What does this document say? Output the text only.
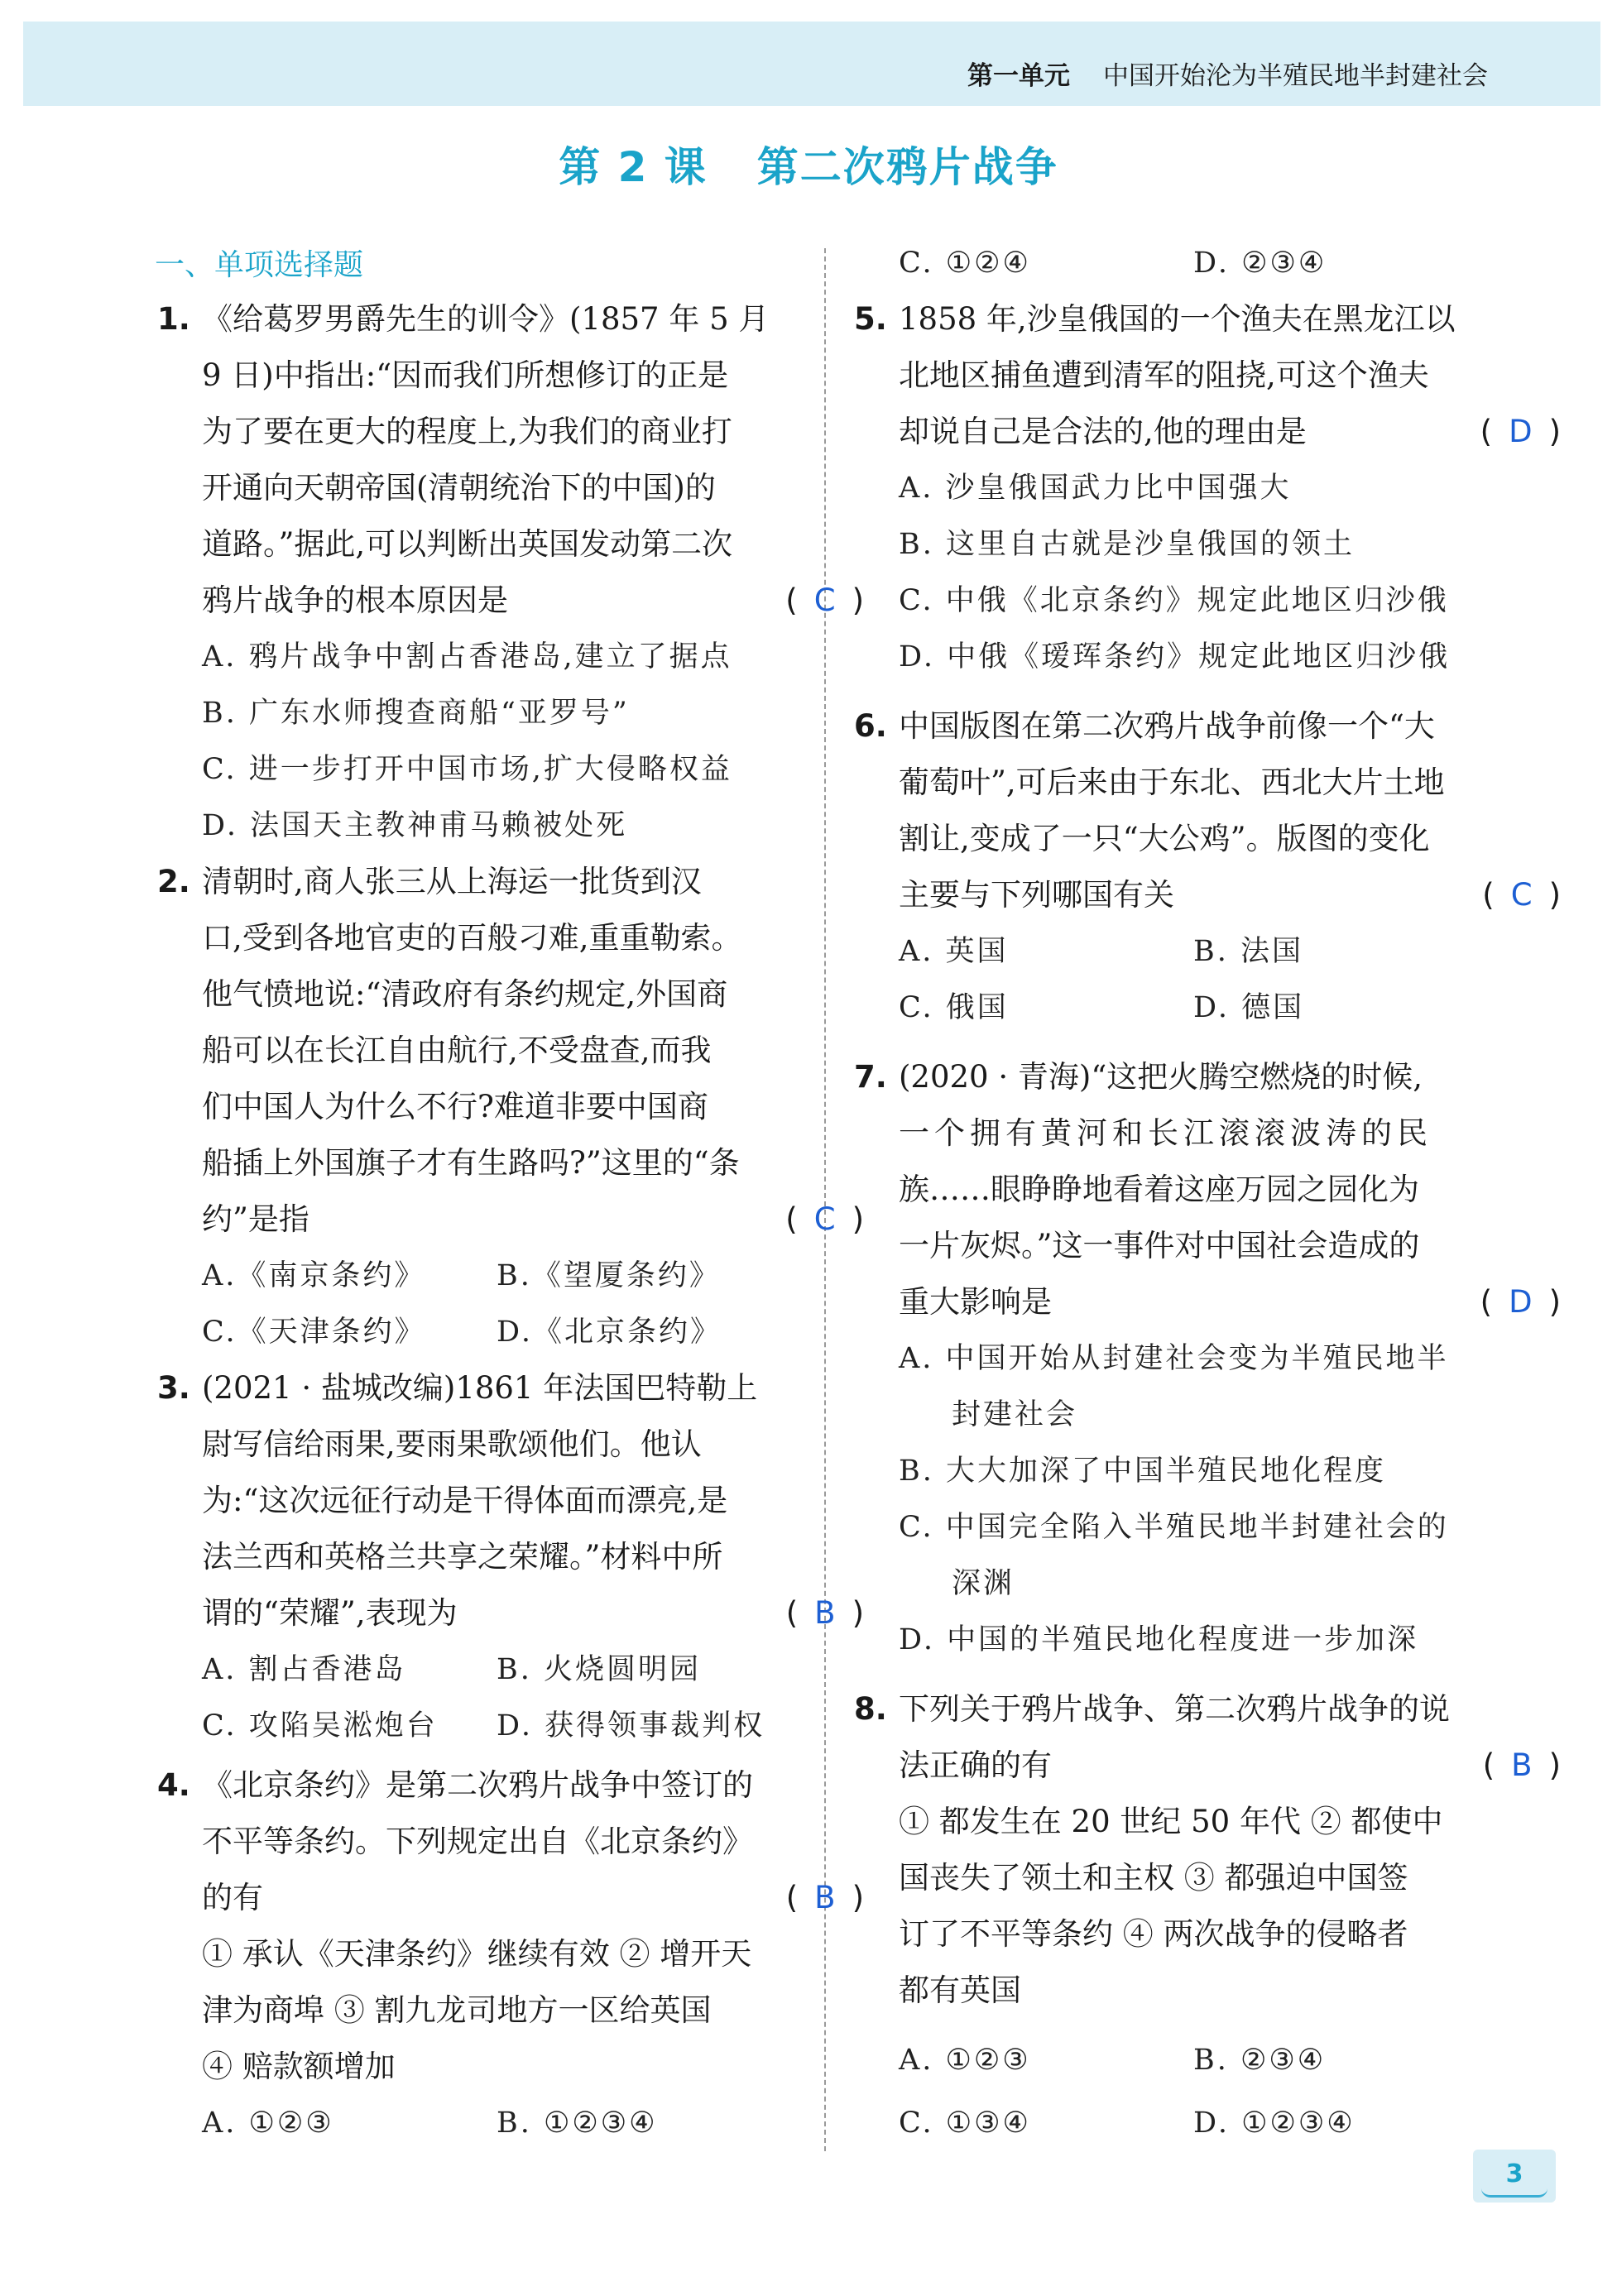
第一单元 中国开始沦为半殖民地半封建社会
第 2 课 第二次鸦片战争
一、单项选择题
1. 《给葛罗男爵先生的训令》(1857 年 5 月
9 日)中指出:“因而我们所想修订的正是
为了要在更大的程度上,为我们的商业打
开通向天朝帝国(清朝统治下的中国)的
道路。”据此,可以判断出英国发动第二次
鸦片战争的根本原因是	( C )
A. 鸦片战争中割占香港岛,建立了据点
B. 广东水师搜查商船“亚罗号”
C. 进一步打开中国市场,扩大侵略权益
D. 法国天主教神甫马赖被处死
2. 清朝时,商人张三从上海运一批货到汉
口,受到各地官吏的百般刁难,重重勒索。
他气愤地说:“清政府有条约规定,外国商
船可以在长江自由航行,不受盘查,而我
们中国人为什么不行?难道非要中国商
船插上外国旗子才有生路吗?”这里的“条
约”是指	( C )
A.《南京条约》 B.《望厦条约》
C.《天津条约》 D.《北京条约》
3. (2021 · 盐城改编)1861 年法国巴特勒上
尉写信给雨果,要雨果歌颂他们。他认
为:“这次远征行动是干得体面而漂亮,是
法兰西和英格兰共享之荣耀。”材料中所
谓的“荣耀”,表现为	( B )
A. 割占香港岛	B. 火烧圆明园
C. 攻陷吴淞炮台 D. 获得领事裁判权
4. 《北京条约》是第二次鸦片战争中签订的
不平等条约。下列规定出自《北京条约》
的有	( B )
① 承认《天津条约》继续有效 ② 增开天
津为商埠 ③ 割九龙司地方一区给英国
④ 赔款额增加
A. ①②③	B. ①②③④
C. ①②④	D. ②③④
5. 1858 年,沙皇俄国的一个渔夫在黑龙江以
北地区捕鱼遭到清军的阻挠,可这个渔夫
却说自己是合法的,他的理由是	( D )
A. 沙皇俄国武力比中国强大
B. 这里自古就是沙皇俄国的领土
C. 中俄《北京条约》规定此地区归沙俄
D. 中俄《瑷珲条约》规定此地区归沙俄
6. 中国版图在第二次鸦片战争前像一个“大
葡萄叶”,可后来由于东北、西北大片土地
割让,变成了一只“大公鸡”。版图的变化
主要与下列哪国有关	( C )
A. 英国	B. 法国
C. 俄国	D. 德国
7. (2020 · 青海)“这把火腾空燃烧的时候,
一个拥有黄河和长江滚滚波涛的民
族……眼睁睁地看着这座万园之园化为
一片灰烬。”这一事件对中国社会造成的
重大影响是	( D )
A. 中国开始从封建社会变为半殖民地半
封建社会
B. 大大加深了中国半殖民地化程度
C. 中国完全陷入半殖民地半封建社会的
深渊
D. 中国的半殖民地化程度进一步加深
8. 下列关于鸦片战争、第二次鸦片战争的说
法正确的有	( B )
① 都发生在 20 世纪 50 年代 ② 都使中
国丧失了领土和主权 ③ 都强迫中国签
订了不平等条约 ④ 两次战争的侵略者
都有英国
A. ①②③	B. ②③④
C. ①③④	D. ①②③④
3
